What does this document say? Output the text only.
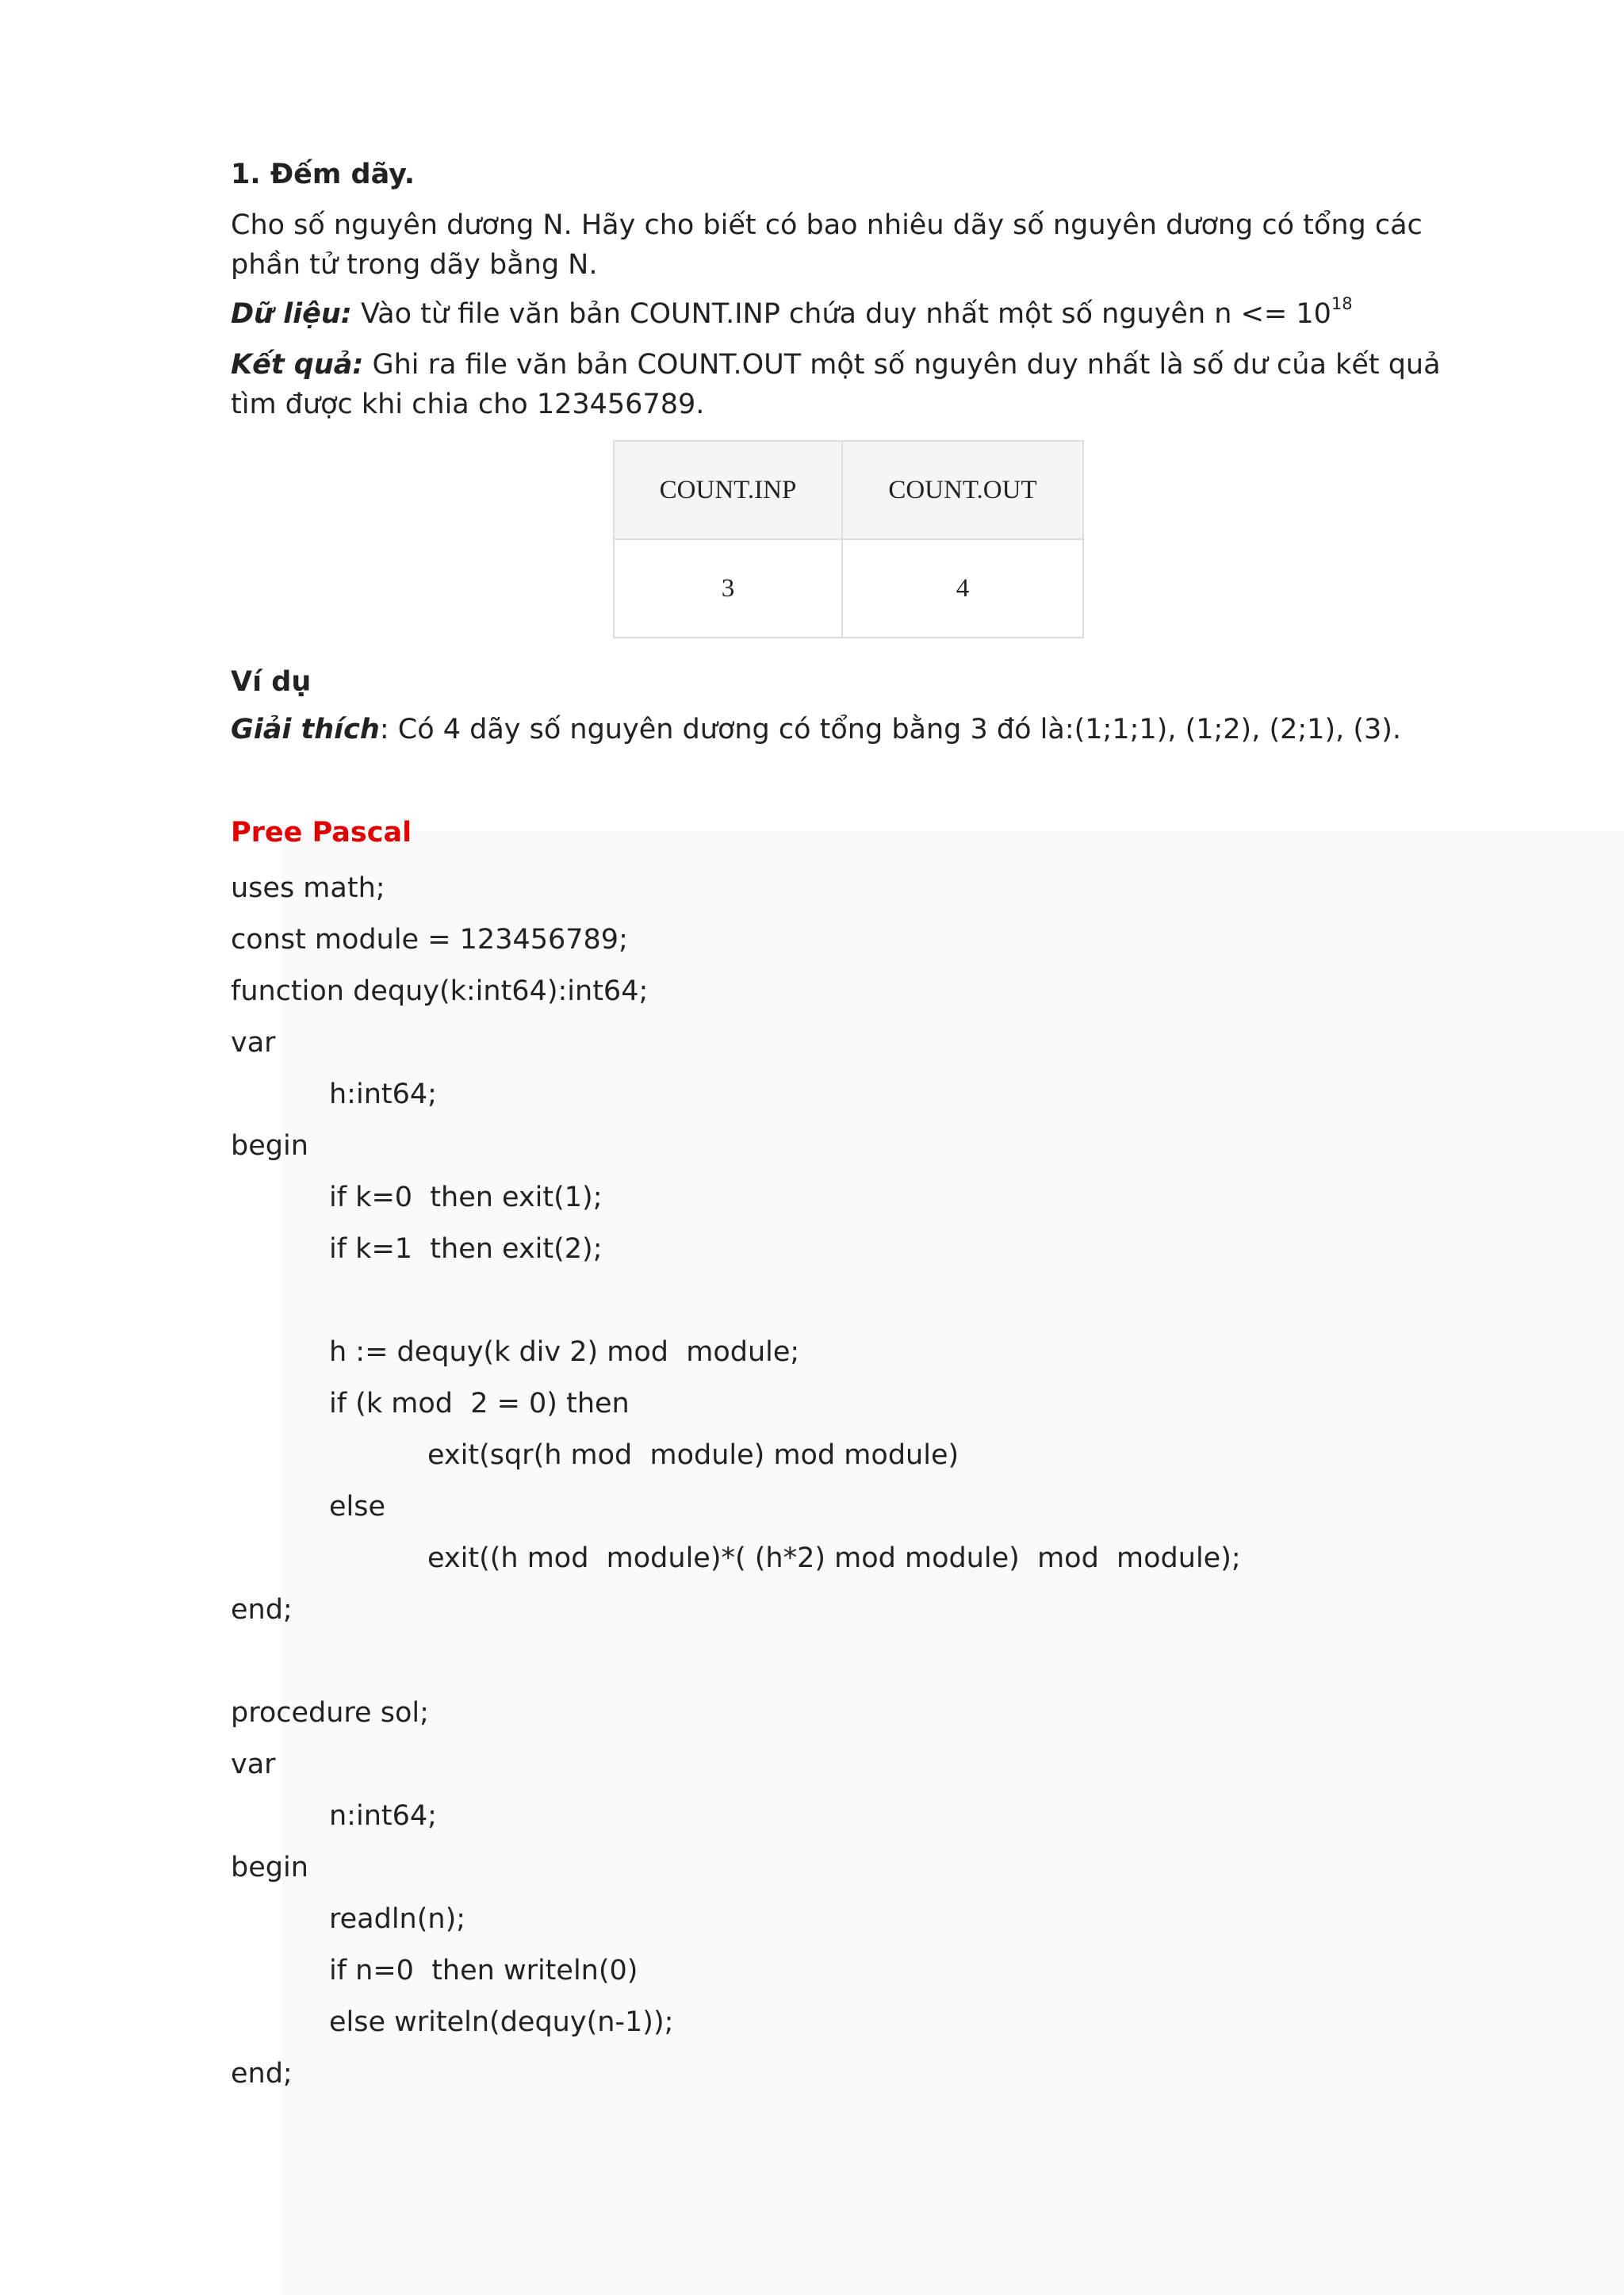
1. Đếm dãy.

Cho số nguyên dương N. Hãy cho biết có bao nhiêu dãy số nguyên dương có tổng các phần tử trong dãy bằng N.

Dữ liệu: Vào từ file văn bản COUNT.INP chứa duy nhất một số nguyên $n <= 10^{18}$

Kết quả: Ghi ra file văn bản COUNT.OUT một số nguyên duy nhất là số dư của kết quả tìm được khi chia cho 123456789.

COUNT.INP	COUNT.OUT
3	4
Ví dụ
Giải thích: Có 4 dãy số nguyên dương có tổng bằng 3 đó là:(1;1;1), (1;2), (2;1), (3).
Pree Pascal
uses math;
const module = 123456789;
function dequy(k:int64):int64;
var
h:int64;
begin
if k=0  then exit(1);
if k=1  then exit(2);
h := dequy(k div 2) mod  module;
if (k mod  2 = 0) then
exit(sqr(h mod  module) mod module)
else
exit((h mod  module)*( (h*2) mod module)  mod  module);
end;
procedure sol;
var
n:int64;
begin
readln(n);
if n=0  then writeln(0)
else writeln(dequy(n-1));
end;
